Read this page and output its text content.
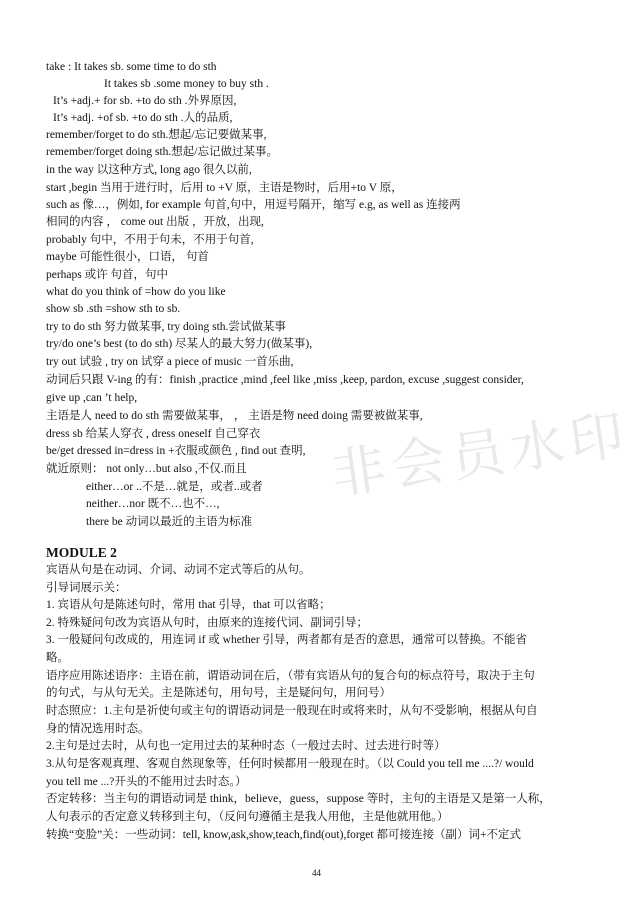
非会员水印
take : It takes sb. some time to do sth
It takes sb .some money to buy sth .
It’s +adj.+ for sb. +to do sth .外界原因,
It’s +adj. +of sb. +to do sth .人的品质,
remember/forget to do sth.想起/忘记要做某事,
remember/forget doing sth.想起/忘记做过某事。
in the way 以这种方式, long ago 很久以前,
start ,begin 当用于进行时，后用 to +V 原，主语是物时，后用+to V 原，
such as 像…，例如, for example 句首,句中，用逗号隔开，缩写 e.g, as well as 连接两
相同的内容 ， come out 出版 ，开放，出现,
probably 句中，不用于句未，不用于句首,
maybe 可能性很小，口语， 句首
perhaps 或许 句首，句中
what do you think of =how do you like
show sb .sth =show sth to sb.
try to do sth 努力做某事, try doing sth.尝试做某事
try/do one’s best (to do sth) 尽某人的最大努力(做某事),
try out 试验 , try on 试穿 a piece of music 一首乐曲,
动词后只跟 V-ing 的有：finish ,practice ,mind ,feel like ,miss ,keep, pardon, excuse ,suggest consider,
give up ,can ’t help,
主语是人 need to do sth 需要做某事， ， 主语是物 need doing 需要被做某事,
dress sb 给某人穿衣 , dress oneself 自己穿衣
be/get dressed in=dress in +衣服或颜色 , find out 查明,
就近原则： not only…but also ,不仅.而且
either…or ..不是…就是，或者..或者
neither…nor 既不…也不…,
there be 动词以最近的主语为标准
MODULE 2
宾语从句是在动词、介词、动词不定式等后的从句。
引导词展示关：
1. 宾语从句是陈述句时，常用 that 引导，that 可以省略；
2. 特殊疑问句改为宾语从句时，由原来的连接代词、副词引导；
3. 一般疑问句改成的，用连词 if 或 whether 引导，两者都有是否的意思，通常可以替换。不能省
略。
语序应用陈述语序：主语在前，谓语动词在后，（带有宾语从句的复合句的标点符号，取决于主句
的句式，与从句无关。主是陈述句，用句号，主是疑问句，用问号）
时态照应：1.主句是祈使句或主句的谓语动词是一般现在时或将来时，从句不受影响，根据从句自
身的情况选用时态。
2.主句是过去时，从句也一定用过去的某种时态（一般过去时、过去进行时等）
3.从句是客观真理、客观自然现象等，任何时候都用一般现在时。（以 Could you tell me ....?/ would
you tell me ...?开头的不能用过去时态。）
否定转移：当主句的谓语动词是 think，believe，guess，suppose 等时，主句的主语是又是第一人称，
人句表示的否定意义转移到主句，（反问句遵循主是我人用他，主是他就用他。）
转换“变脸”关：一些动词：tell, know,ask,show,teach,find(out),forget 都可接连接（副）词+不定式
44
